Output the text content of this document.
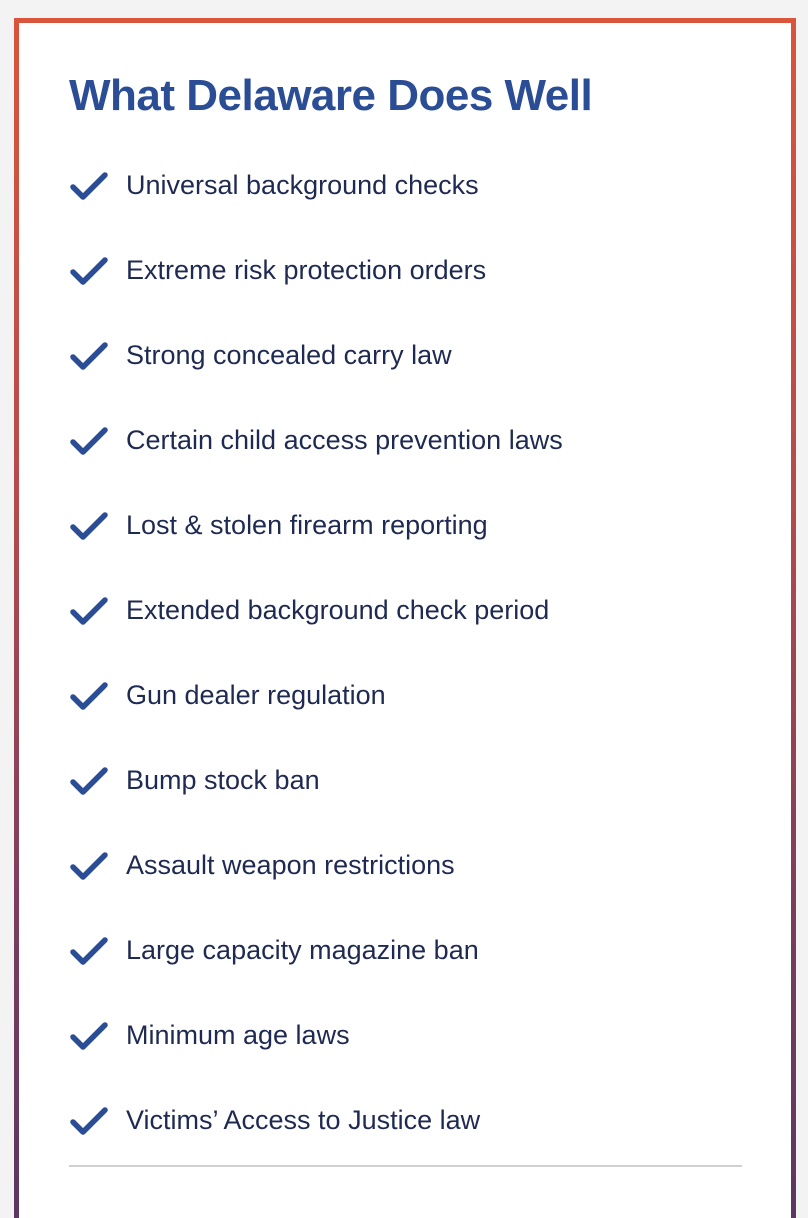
What Delaware Does Well
Universal background checks
Extreme risk protection orders
Strong concealed carry law
Certain child access prevention laws
Lost & stolen firearm reporting
Extended background check period
Gun dealer regulation
Bump stock ban
Assault weapon restrictions
Large capacity magazine ban
Minimum age laws
Victims’ Access to Justice law
